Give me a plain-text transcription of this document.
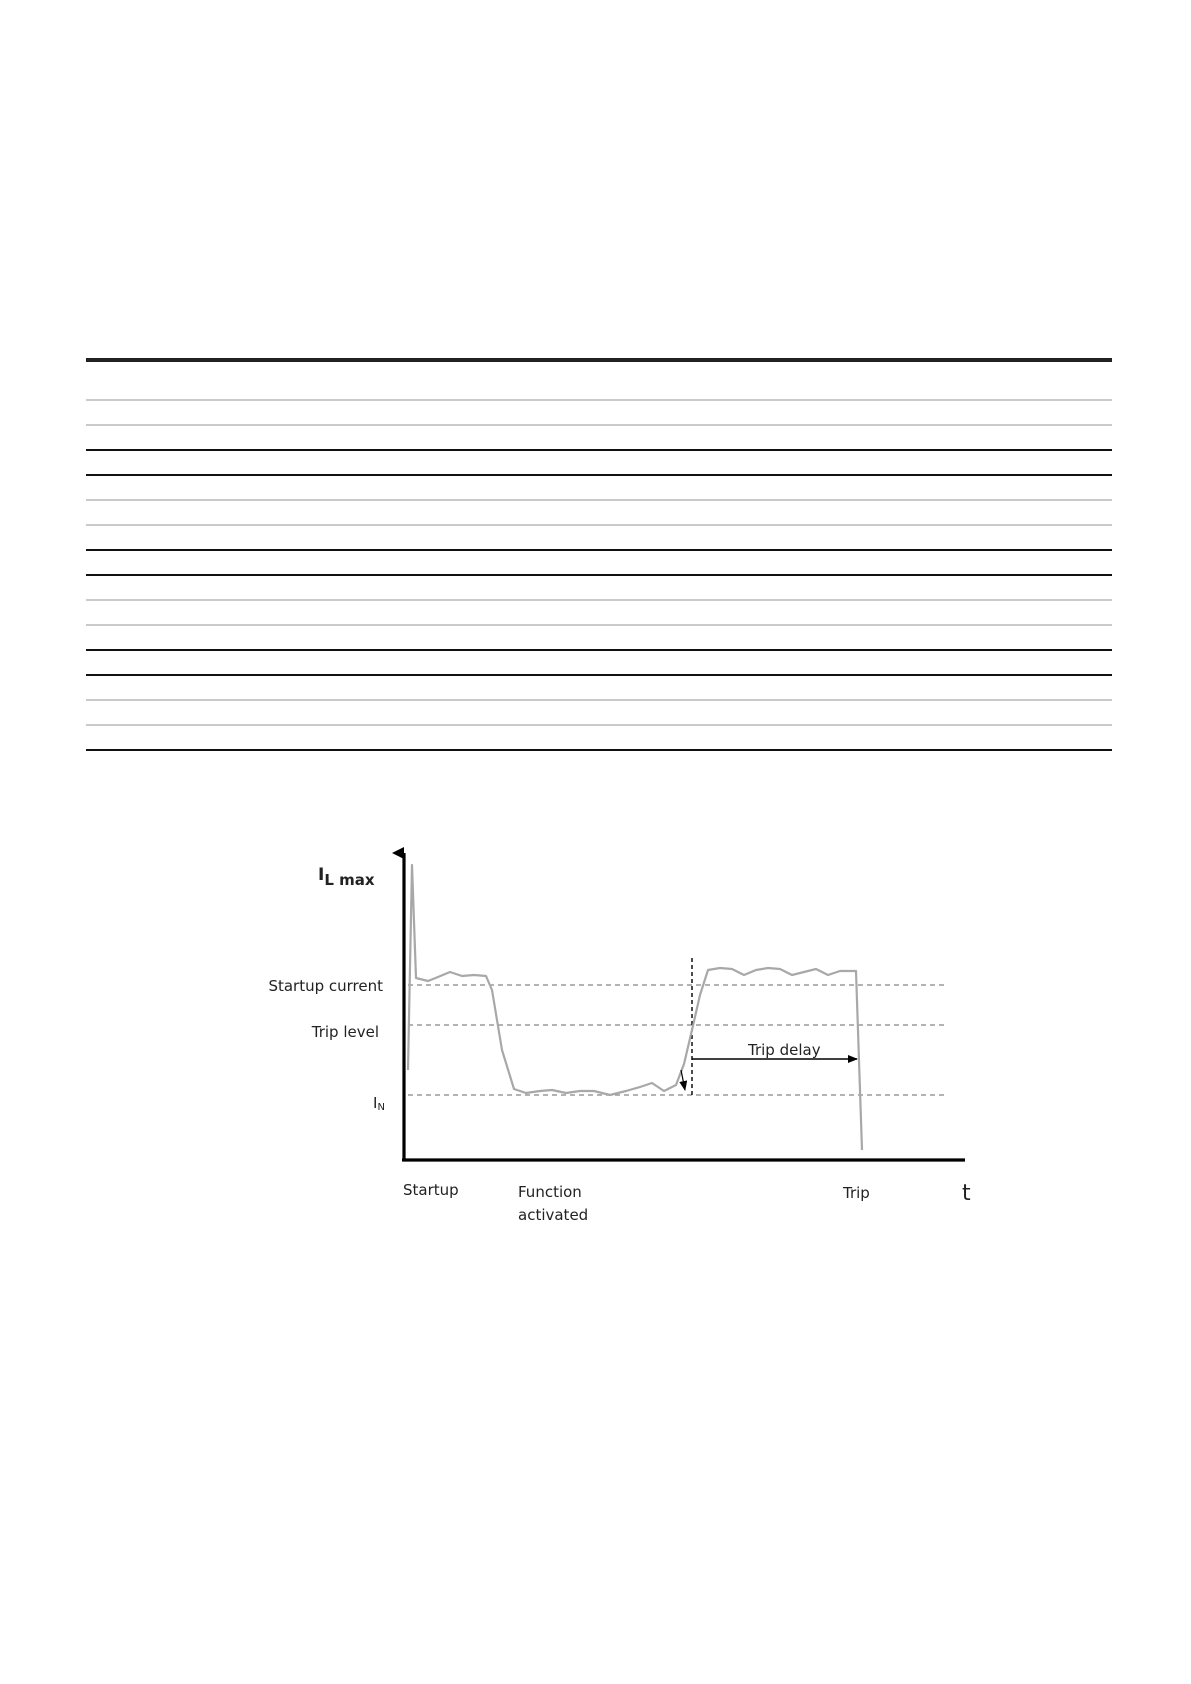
IL max
Startup current
Trip level
IN
Trip delay
Startup	Function
activated
Trip	t
